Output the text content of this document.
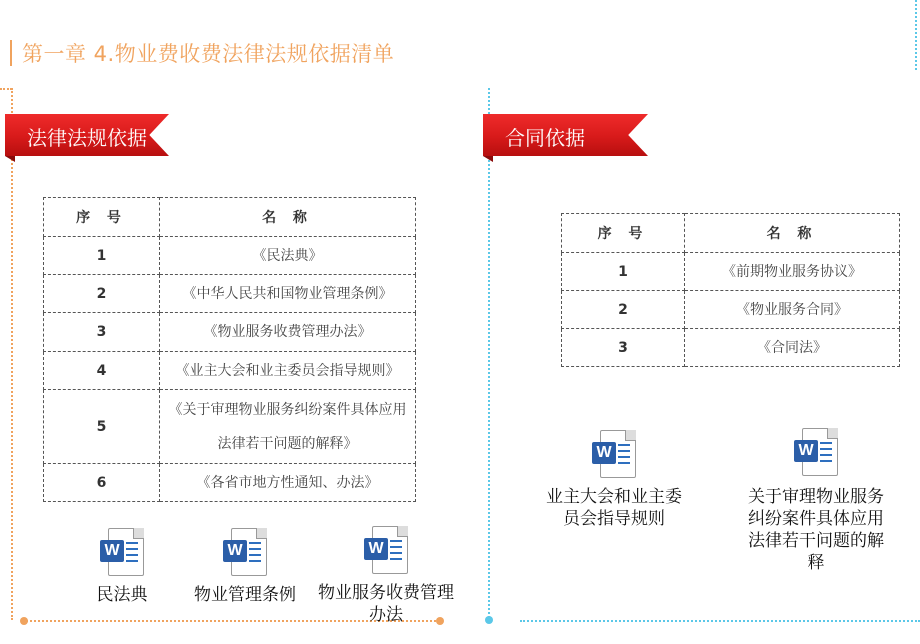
第一章 4.物业费收费法律法规依据清单
法律法规依据	合同依据
序 号	名 称
1	《民法典》
2	《中华人民共和国物业管理条例》
3	《物业服务收费管理办法》
4	《业主大会和业主委员会指导规则》
5	《关于审理物业服务纠纷案件具体应用法律若干问题的解释》
6	《各省市地方性通知、办法》
序 号	名 称
1	《前期物业服务协议》
2	《物业服务合同》
3	《合同法》
W
民法典
W
物业管理条例
W
物业服务收费管理办法
W
业主大会和业主委员会指导规则
W
关于审理物业服务纠纷案件具体应用法律若干问题的解释
